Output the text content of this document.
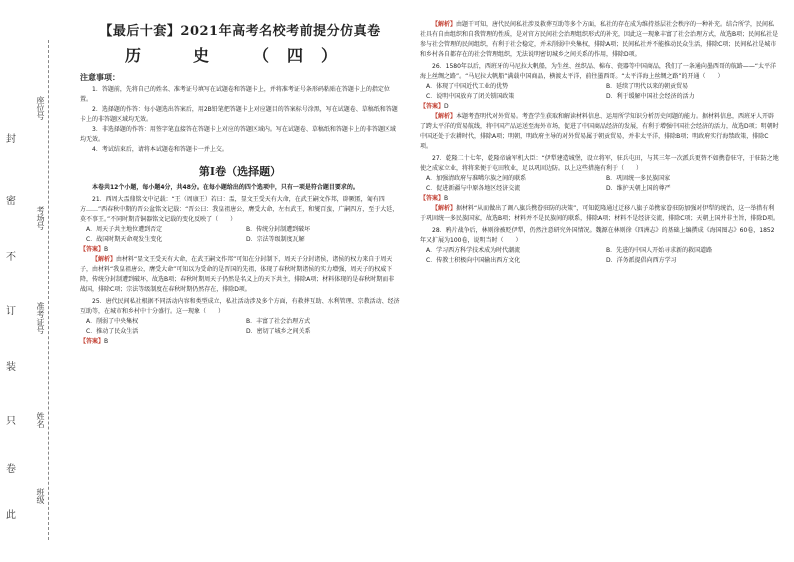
座位号
考场号
准考证号
姓名
班级
封
密
不
订
装
只
卷
此
【最后十套】2021年高考名校考前提分仿真卷
历　史　（四）
注意事项：

1．答题前，先将自己的姓名、准考证号填写在试题卷和答题卡上，并将准考证号条形码粘贴在答题卡上的指定位置。

2．选择题的作答：每小题选出答案后，用2B铅笔把答题卡上对应题目的答案标号涂黑，写在试题卷、草稿纸和答题卡上的非答题区域均无效。

3．非选择题的作答：用签字笔直接答在答题卡上对应的答题区域内。写在试题卷、草稿纸和答题卡上的非答题区域均无效。

4．考试结束后，请将本试题卷和答题卡一并上交。

第Ⅰ卷（选择题）

本卷共12个小题，每小题4分，共48分。在每小题给出的四个选项中，只有一项是符合题目要求的。

21．西周大盂鼎铭文中记载：“王（周康王）若曰：盂，显文王受天有大命，在武王嗣文作邦，辟厥匿，匍有四方……”西春秋中期的晋公盆铭文记载：“晋公曰：我皇祖唐公，膺受大命，左右武王，和燮百蛮，广嗣四方，至于大廷，莫不事王。”不同时期青铜器铭文记载的变化反映了（　　）

A．周天子共主地位遭到否定	B．传统分封制遭到破坏
C．战国时期天命观发生变化	D．宗法等级制度瓦解

【答案】B

【解析】由材料“显文王受天有大命，在武王嗣文作邦”可知在分封制下，周天子分封诸侯，诸侯的权力来自于周天子，由材料“我皇祖唐公，膺受大命”可知以为受命的是晋国的先祖，体现了春秋时期诸侯的实力增强，周天子的权威下降，传统分封制遭到破坏，故选B项；春秋时期周天子仍然是名义上的天下共主，排除A项；材料体现的是春秋时期而非战国，排除C项；宗法等级制度在春秋时期仍然存在，排除D项。

25．唐代民间私社根据不同活动内容和类型成立，私社活动涉及多个方面，有救葬互助、水利管理、宗教活动、经济互助等，在城市和乡村中十分盛行。这一现象（　　）

A．削弱了中央集权	B．丰富了社会治理方式
C．推动了民众生活	D．密切了城乡之间关系

【答案】B

【解析】由题干可知，唐代民间私社涉及救葬互助等多个方面，私社的存在成为维持基层社会秩序的一种补充。结合所学，民间私社具有自由组织和自我管理的性质，是对官方民间社会治理组织形式的补充，因此这一现象丰富了社会治理方式，故选B项；民间私社是参与社会管理的民间组织，有利于社会稳定，并未削弱中央集权，排除A项；民间私社并不能推动民众生活，排除C项；民间私社是城市和乡村各自都存在的社会管理组织，无法说明密切城乡之间关系的作用，排除D项。

26．1580年以后，西班牙的马尼拉大帆船，为生丝、丝织品、棉布、瓷器等中国商品，我们了一条通向墨西哥的航路——“太平洋海上丝绸之路”。“马尼拉大帆船”满载中国商品，横渡太平洋，前往墨西哥。“太平洋海上丝绸之路”的开通（　　）

A．体现了中国近代工业的优势	B．延续了明代以来的朝贡贸易
C．说明中国放弃了闭关锁国政策	D．利于缓解中国社会经济的活力

【答案】D

【解析】本题考查明代对外贸易。考查学生获取和解读材料信息、运用所学知识分析历史问题的能力。据材料信息，西班牙人开辟了跨太平洋的贸易航线，将中国产品运送至海外市场，促进了中国商品经济的发展，有利于增强中国社会经济的活力，故选D项；明朝时中国还处于农耕时代，排除A项；明朝，明政府主导的对外贸易属于朝贡贸易，并非太平洋，排除B项；明政府实行海禁政策，排除C项。

27．乾隆二十七年，乾隆帝谕军机大臣：“伊犁建造城堡，设立将军，驻兵屯田，与其三年一次派兵更替不如携眷驻守，于驻防之地使之成家立业，将将来便于屯田牧业，足以巩固边防。以上这些措施有利于（　　）

A．加强清政府与准噶尔族之间的联系	B．巩固统一多民族国家
C．促进新疆与中原各地区经济交流	D．维护天朝上国的尊严

【答案】B

【解析】据材料“从而做出了调八旗兵携眷驻防的决策”，可知乾隆通过迁移八旗子弟携家眷驻防加强对伊犁的统治，这一举措有利于巩固统一多民族国家，故选B项；材料并不是民族间的联系，排除A项；材料不是经济交流，排除C项；天朝上国并非主旨，排除D项。

28．鸦片战争后，林则徐被贬伊犁，仍然注意研究外国情况。魏源在林则徐《四洲志》的基础上编撰成《海国图志》60卷，1852年又扩展为100卷，说明当时（　　）

A．学习西方科学技术成为时代潮流	B．先进的中国人开始寻求新的救国道路
C．传教士积极向中国输出西方文化	D．洋务派提倡向西方学习
